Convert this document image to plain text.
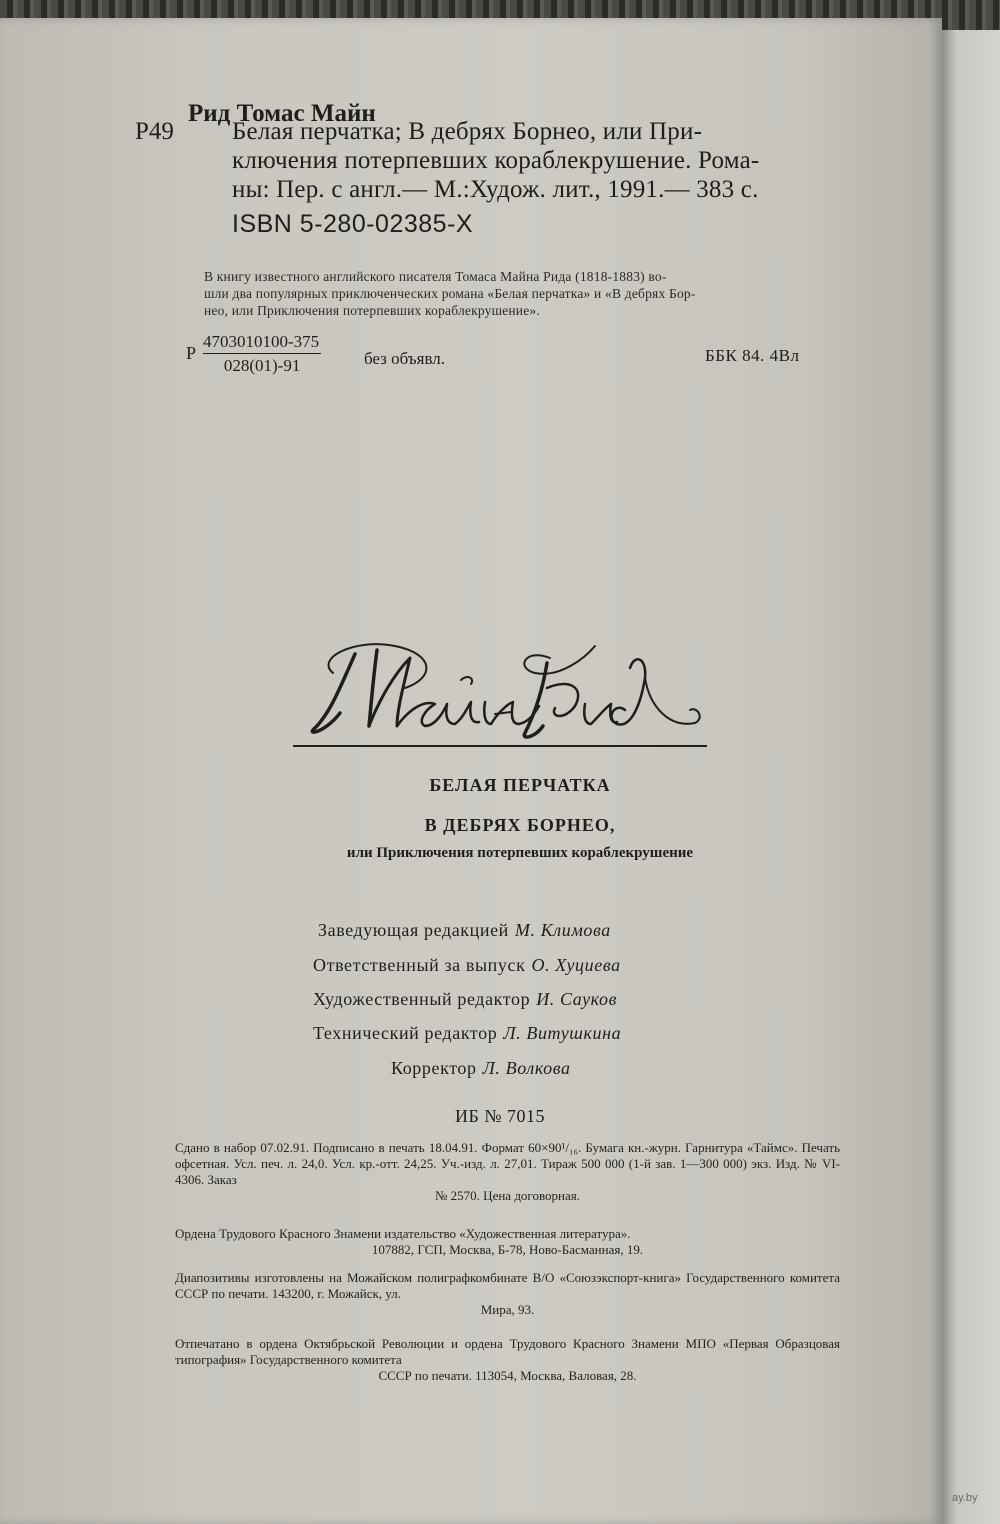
Рид Томас Майн

Р49 Белая перчатка; В дебрях Борнео, или При-

ключения потерпевших кораблекрушение. Рома-

ны: Пер. с англ.— М.:Худож. лит., 1991.— 383 с.

ISBN 5-280-02385-X

В книгу известного английского писателя Томаса Майна Рида (1818-1883) во-

шли два популярных приключенческих романа «Белая перчатка» и «В дебрях Бор-

нео, или Приключения потерпевших кораблекрушение».

Р $\frac{4703010100-375}{028(01)-91}$	без объявл.	ББК 84. 4Вл

БЕЛАЯ ПЕРЧАТКА

В ДЕБРЯХ БОРНЕО,

или Приключения потерпевших кораблекрушение

Заведующая редакцией М. Климова
Ответственный за выпуск О. Хуциева
Художественный редактор И. Сауков
Технический редактор Л. Витушкина
Корректор Л. Волкова
ИБ № 7015

Сдано в набор 07.02.91. Подписано в печать 18.04.91. Формат 60×90¹/₁₆. Бумага кн.-журн. Гарнитура «Таймс». Печать офсетная. Усл. печ. л. 24,0. Усл. кр.-отт. 24,25. Уч.-изд. л. 27,01. Тираж 500 000 (1-й зав. 1—300 000) экз. Изд. № VI-4306. Заказ
№ 2570. Цена договорная.

Ордена Трудового Красного Знамени издательство «Художественная литература».
107882, ГСП, Москва, Б-78, Ново-Басманная, 19.

Диапозитивы изготовлены на Можайском полиграфкомбинате В/О «Союзэкспорт-книга» Государственного комитета СССР по печати. 143200, г. Можайск, ул.
Мира, 93.

Отпечатано в ордена Октябрьской Революции и ордена Трудового Красного Знамени МПО «Первая Образцовая типография» Государственного комитета
СССР по печати. 113054, Москва, Валовая, 28.

ay.by
